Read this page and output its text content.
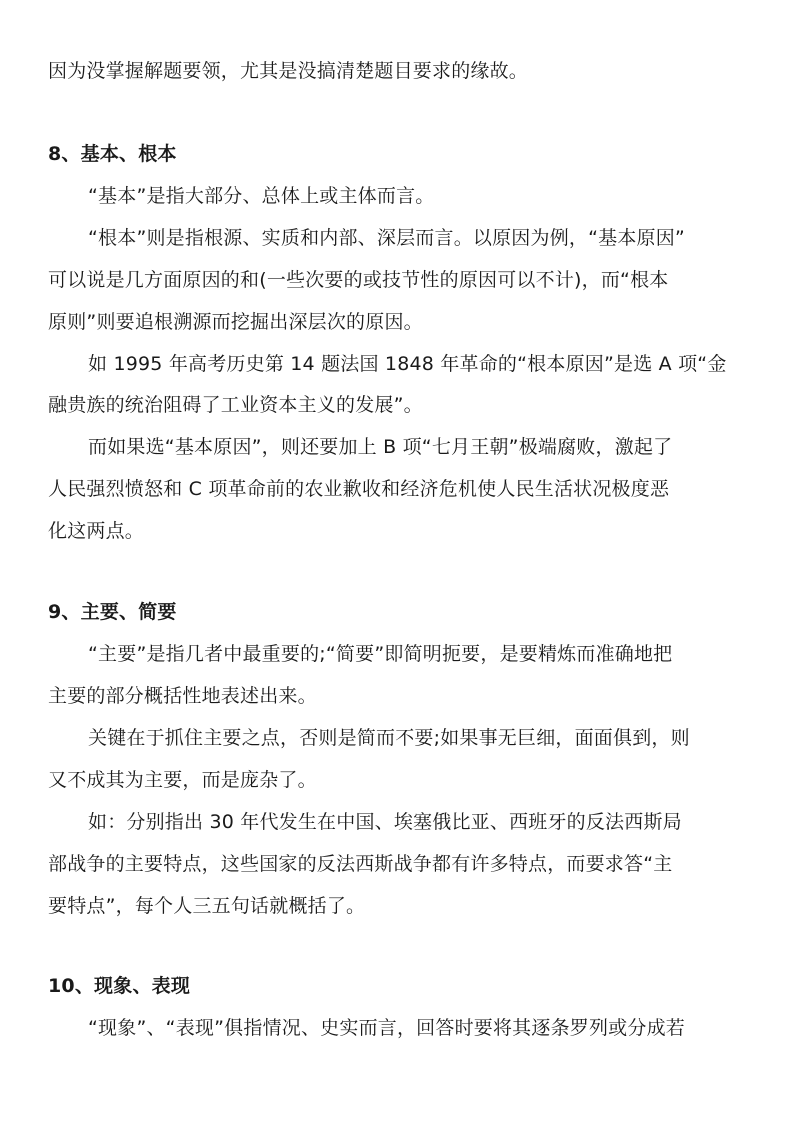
因为没掌握解题要领，尤其是没搞清楚题目要求的缘故。
8、基本、根本
“基本”是指大部分、总体上或主体而言。
“根本”则是指根源、实质和内部、深层而言。以原因为例，“基本原因”
可以说是几方面原因的和(一些次要的或技节性的原因可以不计)，而“根本
原则”则要追根溯源而挖掘出深层次的原因。
如 1995 年高考历史第 14 题法国 1848 年革命的“根本原因”是选 A 项“金
融贵族的统治阻碍了工业资本主义的发展”。
而如果选“基本原因”，则还要加上 B 项“七月王朝”极端腐败，激起了
人民强烈愤怒和 C 项革命前的农业歉收和经济危机使人民生活状况极度恶
化这两点。
9、主要、简要
“主要”是指几者中最重要的;“简要”即简明扼要，是要精炼而准确地把
主要的部分概括性地表述出来。
关键在于抓住主要之点，否则是简而不要;如果事无巨细，面面俱到，则
又不成其为主要，而是庞杂了。
如：分别指出 30 年代发生在中国、埃塞俄比亚、西班牙的反法西斯局
部战争的主要特点，这些国家的反法西斯战争都有许多特点，而要求答“主
要特点”，每个人三五句话就概括了。
10、现象、表现
“现象”、“表现”俱指情况、史实而言，回答时要将其逐条罗列或分成若
